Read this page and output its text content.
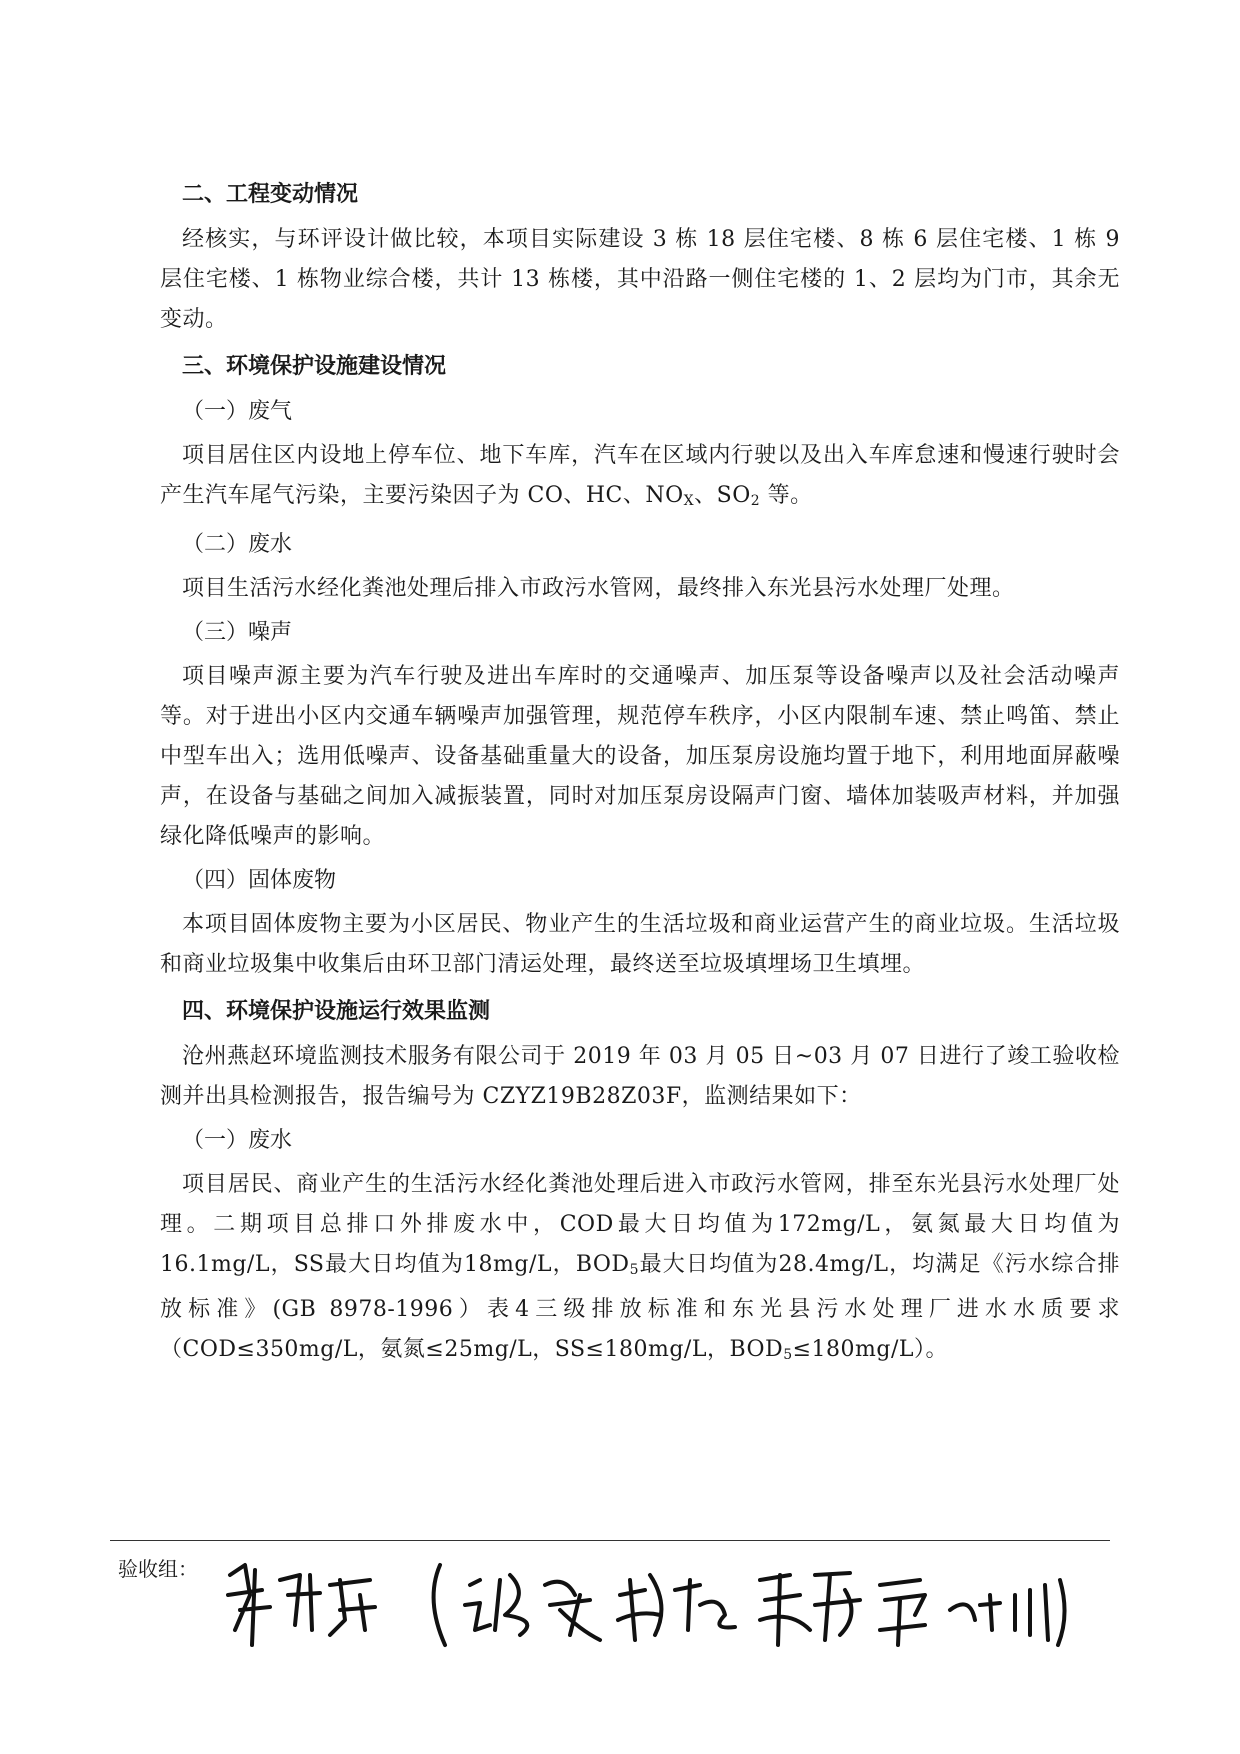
二、工程变动情况

经核实，与环评设计做比较，本项目实际建设 3 栋 18 层住宅楼、8 栋 6 层住宅楼、1 栋 9 层住宅楼、1 栋物业综合楼，共计 13 栋楼，其中沿路一侧住宅楼的 1、2 层均为门市，其余无变动。

三、环境保护设施建设情况

（一）废气

项目居住区内设地上停车位、地下车库，汽车在区域内行驶以及出入车库怠速和慢速行驶时会产生汽车尾气污染，主要污染因子为 CO、HC、$NO_X$、$SO_2$ 等。

（二）废水

项目生活污水经化粪池处理后排入市政污水管网，最终排入东光县污水处理厂处理。

（三）噪声

项目噪声源主要为汽车行驶及进出车库时的交通噪声、加压泵等设备噪声以及社会活动噪声等。对于进出小区内交通车辆噪声加强管理，规范停车秩序，小区内限制车速、禁止鸣笛、禁止中型车出入；选用低噪声、设备基础重量大的设备，加压泵房设施均置于地下，利用地面屏蔽噪声，在设备与基础之间加入减振装置，同时对加压泵房设隔声门窗、墙体加装吸声材料，并加强绿化降低噪声的影响。

（四）固体废物

本项目固体废物主要为小区居民、物业产生的生活垃圾和商业运营产生的商业垃圾。生活垃圾和商业垃圾集中收集后由环卫部门清运处理，最终送至垃圾填埋场卫生填埋。

四、环境保护设施运行效果监测

沧州燕赵环境监测技术服务有限公司于 2019 年 03 月 05 日~03 月 07 日进行了竣工验收检测并出具检测报告，报告编号为 CZYZ19B28Z03F，监测结果如下：

（一）废水

项目居民、商业产生的生活污水经化粪池处理后进入市政污水管网，排至东光县污水处理厂处理。二期项目总排口外排废水中，COD最大日均值为172mg/L，氨氮最大日均值为16.1mg/L，SS最大日均值为18mg/L，$BOD_5$最大日均值为28.4mg/L，均满足《污水综合排放标准》(GB 8978-1996）表4三级排放标准和东光县污水处理厂进水水质要求（COD≤350mg/L，氨氮≤25mg/L，SS≤180mg/L，$BOD_5\le 180mg/L$）。

验收组：
